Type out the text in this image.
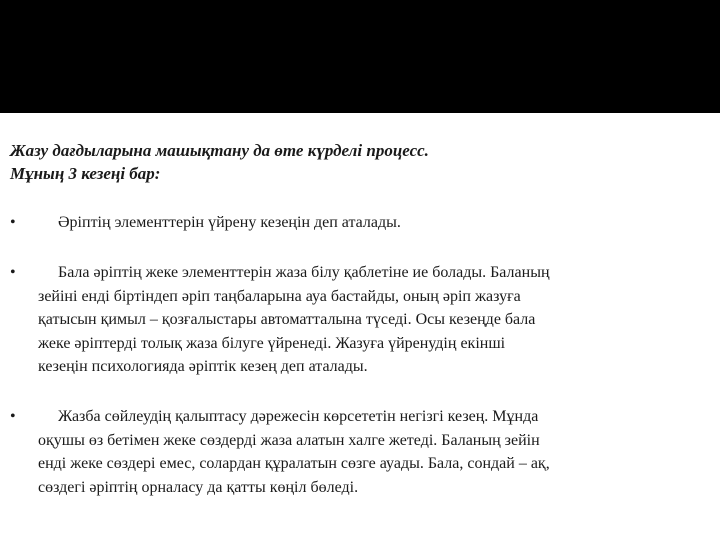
Жазу дағдыларына машықтану да өте күрделі процесс.
Мұның 3 кезеңі бар:

•	Әріптің элементтерін үйрену кезеңін деп аталады.
•	Бала әріптің жеке элементтерін жаза білу қаблетіне ие болады. Баланың
зейіні енді біртіндеп әріп таңбаларына ауа бастайды, оның әріп жазуға
қатысын қимыл – қозғалыстары автоматталына түседі. Осы кезеңде бала
жеке әріптерді толық жаза білуге үйренеді. Жазуға үйренудің екінші
кезеңін психологияда әріптік кезең деп аталады.
•	Жазба сөйлеудің қалыптасу дәрежесін көрсететін негізгі кезең. Мұнда
оқушы өз бетімен жеке сөздерді жаза алатын халге жетеді. Баланың зейін
енді жеке сөздері емес, солардан құралатын сөзге ауады. Бала, сондай – ақ,
сөздегі әріптің орналасу да қатты көңіл бөледі.
